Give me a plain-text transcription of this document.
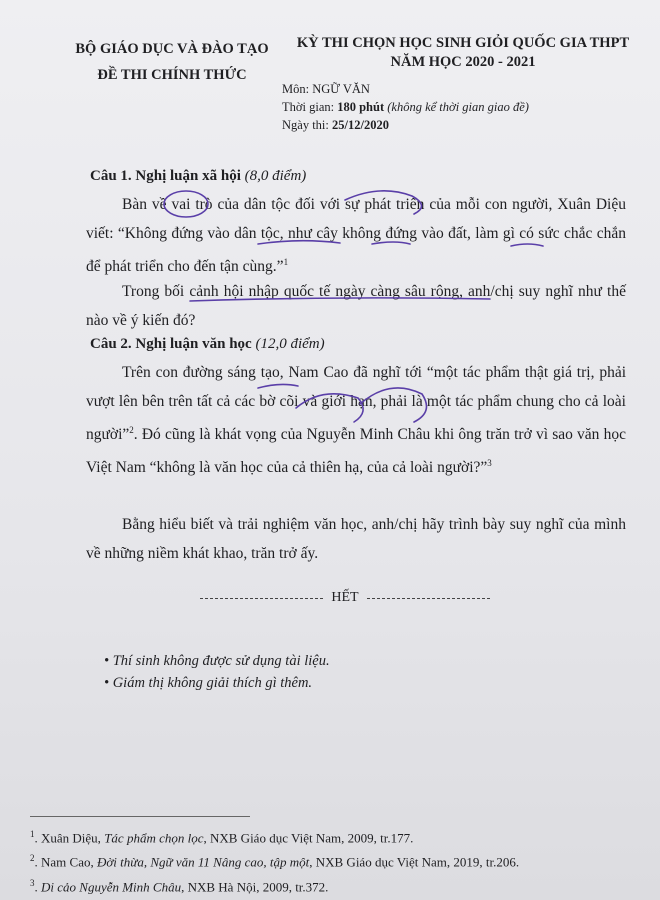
BỘ GIÁO DỤC VÀ ĐÀO TẠO
ĐỀ THI CHÍNH THỨC
KỲ THI CHỌN HỌC SINH GIỎI QUỐC GIA THPT
NĂM HỌC 2020 - 2021
Môn: NGỮ VĂN
Thời gian: 180 phút (không kể thời gian giao đề)
Ngày thi: 25/12/2020
Câu 1. Nghị luận xã hội (8,0 điểm)
Bàn về vai trò của dân tộc đối với sự phát triển của mỗi con người, Xuân Diệu viết: “Không đứng vào dân tộc, như cây không đứng vào đất, làm gì có sức chắc chắn để phát triển cho đến tận cùng.”$^1$
Trong bối cảnh hội nhập quốc tế ngày càng sâu rộng, anh/chị suy nghĩ như thế nào về ý kiến đó?
Câu 2. Nghị luận văn học (12,0 điểm)
Trên con đường sáng tạo, Nam Cao đã nghĩ tới “một tác phẩm thật giá trị, phải vượt lên bên trên tất cả các bờ cõi và giới hạn, phải là một tác phẩm chung cho cả loài người”$^2$. Đó cũng là khát vọng của Nguyễn Minh Châu khi ông trăn trở vì sao văn học Việt Nam “không là văn học của cả thiên hạ, của cả loài người?”$^3$
Bằng hiểu biết và trải nghiệm văn học, anh/chị hãy trình bày suy nghĩ của mình về những niềm khát khao, trăn trở ấy.
HẾT
• Thí sinh không được sử dụng tài liệu.
• Giám thị không giải thích gì thêm.
$^1$. Xuân Diệu, Tác phẩm chọn lọc, NXB Giáo dục Việt Nam, 2009, tr.177.
$^2$. Nam Cao, Đời thừa, Ngữ văn 11 Nâng cao, tập một, NXB Giáo dục Việt Nam, 2019, tr.206.
$^3$. Di cảo Nguyễn Minh Châu, NXB Hà Nội, 2009, tr.372.
